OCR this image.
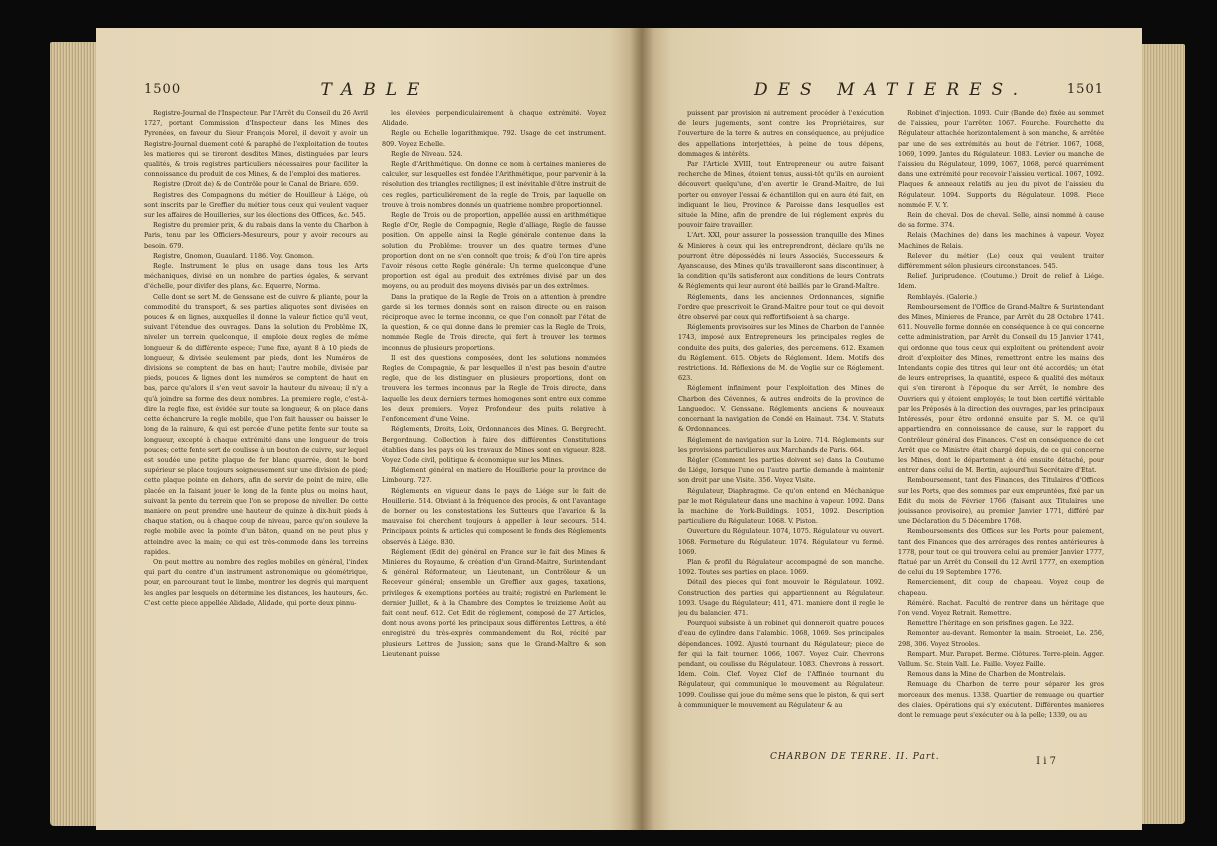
1500	TABLE

Registre-Journal de l'Inspecteur. Par l'Arrêt du Conseil du 26 Avril 1727, portant Commission d'Inspecteur dans les Mines des Pyrenées, en faveur du Sieur François Morel, il devoit y avoir un Registre-Journal duement coté & paraphé de l'exploitation de toutes les matieres qui se tireront desdites Mines, distinguées par leurs qualités, & trois registres particuliers nécessaires pour faciliter la connoissance du produit de ces Mines, & de l'emploi des matieres.

Registre (Droit de) & de Contrôle pour le Canal de Briare. 659.

Registres des Compagnons du métier de Houilleur à Liége, où sont inscrits par le Greffier du métier tous ceux qui veulent vaquer sur les affaires de Houilleries, sur les élections des Offices, &c. 545.

Registre du premier prix, & du rabais dans la vente du Charbon à Paris, tenu par les Officiers-Mesureurs, pour y avoir recours au besoin. 679.

Registre, Gnomon, Guaulard. 1186. Voy. Gnomon.

Regle. Instrument le plus en usage dans tous les Arts méchaniques, divisé en un nombre de parties égales, & servant d'échelle, pour divifer des plans, &c. Equerre, Norma.

Celle dont se sert M. de Genssane est de cuivre & pliante, pour la commodité du transport, & ses parties aliquotes sont divisées en pouces & en lignes, auxquelles il donne la valeur fictice qu'il veut, suivant l'étendue des ouvrages. Dans la solution du Problême IX, niveler un terrein quelconque, il emploie deux regles de même longueur & de différente espece; l'une fixe, ayant 8 à 10 pieds de longueur, & divisée seulement par pieds, dont les Numéros de divisions se comptent de bas en haut; l'autre mobile, divisée par pieds, pouces & lignes dont les numéros se comptent de haut en bas, parce qu'alors il s'en veut savoir la hauteur du niveau; il n'y a qu'à joindre sa forme des deux nombres. La premiere regle, c'est-à-dire la regle fixe, est évidée sur toute sa longueur, & on place dans cette échancrure la regle mobile, que l'on fait hausser ou baisser le long de la rainure, & qui est percée d'une petite fente sur toute sa longueur, excepté à chaque extrémité dans une longueur de trois pouces; cette fente sert de coulisse à un bouton de cuivre, sur lequel est soudée une petite plaque de fer blanc quarrée, dont le bord supérieur se place toujours soigneusement sur une division de pied; cette plaque pointe en dehors, afin de servir de point de mire, elle placée en la faisant jouer le long de la fente plus ou moins haut, suivant la pente du terrein que l'on se propose de niveller. De cette maniere on peut prendre une hauteur de quinze à dix-huit pieds à chaque station, ou à chaque coup de niveau, parce qu'on souleve la regle mobile avec la pointe d'un bâton, quand on ne peut plus y atteindre avec la main; ce qui est très-commode dans les terreins rapides.

On peut mettre au nombre des regles mobiles en général, l'index qui part du centre d'un instrument astronomique ou géométrique, pour, en parcourant tout le limbe, montrer les degrés qui marquent les angles par lesquels on détermine les distances, les hauteurs, &c. C'est cette piece appellée Alidade, Alidade, qui porte deux pinnu-

les élevées perpendiculairement à chaque extrémité. Voyez Alidade.

Regle ou Echelle logarithmique. 792. Usage de cet instrument. 809. Voyez Echelle.

Regle de Niveau. 524.

Regle d'Arithmétique. On donne ce nom à certaines manieres de calculer, sur lesquelles est fondée l'Arithmétique, pour parvenir à la résolution des triangles rectilignes; il est inévitable d'être instruit de ces regles, particuliérement de la regle de Trois, par laquelle on trouve à trois nombres donnés un quatrieme nombre proportionnel.

Regle de Trois ou de proportion, appellée aussi en arithmétique Regle d'Or, Regle de Compagnie, Regle d'alliage, Regle de fausse position. On appelle ainsi la Regle générale contenue dans la solution du Problême: trouver un des quatre termes d'une proportion dont on ne s'en connoît que trois; & d'où l'on tire après l'avoir résous cette Regle générale: Un terme quelconque d'une proportion est égal au produit des extrêmes divisé par un des moyens, ou au produit des moyens divisés par un des extrêmes.

Dans la pratique de la Regle de Trois on a attention à prendre garde si les termes donnés sont en raison directe ou en raison réciproque avec le terme inconnu, ce que l'on connoît par l'état de la question, & ce qui donne dans le premier cas la Regle de Trois, nommée Regle de Trois directe, qui fert à trouver les termes inconnus de plusieurs proportions.

Il est des questions composées, dont les solutions nommées Regles de Compagnie, & par lesquelles il n'est pas besoin d'autre regle, que de les distinguer en plusieurs proportions, dont on trouvera les termes inconnus par la Regle de Trois directe, dans laquelle les deux derniers termes homogenes sont entre eux comme les deux premiers. Voyez Profondeur des puits relative à l'enfoncement d'une Veine.

Réglements, Droits, Loix, Ordonnances des Mines. G. Bergrecht. Bergordnung. Collection à faire des différentes Constitutions établies dans les pays où les travaux de Mines sont en vigueur. 828. Voyez Code civil, politique & économique sur les Mines.

Réglement général en matiere de Houillerie pour la province de Limbourg. 727.

Réglements en vigueur dans le pays de Liége sur le fait de Houillerie. 514. Obviant à la fréquence des procès, & ont l'avantage de borner ou les constestations les Sutteurs que l'avarice & la mauvaise foi cherchent toujours à appeller à leur secours. 514. Principaux points & articles qui composent le fonds des Réglements observés à Liége. 830.

Réglement (Edit de) général en France sur le fait des Mines & Minieres du Royaume, & création d'un Grand-Maitre, Surintendant & général Réformateur, un Lieutenant, un Contrôleur & un Receveur général; ensemble un Greffier aux gages, taxations, privileges & exemptions portées au traité; registré en Parlement le dernier Juillet, & à la Chambre des Comptes le treizieme Août au fait cent neuf. 612. Cet Edit de réglement, composé de 27 Articles, dont nous avons porté les principaux sous différentes Lettres, a été enregistré du très-exprès commandement du Roi, récité par plusieurs Lettres de Jussion; sans que le Grand-Maître & son Lieutenant puisse

DES MATIERES.	1501

puissent par provision ni autrement procéder à l'exécution de leurs jugements, sont contre les Propriétaires, sur l'ouverture de la terre & autres en conséquence, au préjudice des appellations interjettées, à peine de tous dépens, dommages & intérêts.

Par l'Article XVIII, tout Entrepreneur ou autre faisant recherche de Mines, étoient tenus, aussi-tôt qu'ils en auroient découvert quelqu'une, d'en avertir le Grand-Maitre, de lui porter ou envoyer l'essai & échantillon qui en aura été fait, en indiquant le lieu, Province & Paroisse dans lesquelles est située la Mine, afin de prendre de lui réglement exprès du pouvoir faire travailler.

L'Art. XXI, pour assurer la possession tranquille des Mines & Minieres à ceux qui les entreprendront, déclare qu'ils ne pourront être dépossédés ni leurs Associés, Successeurs & Ayanscause, des Mines qu'ils travailleront sans discontinuer, à la condition qu'ils satisferont aux conditions de leurs Contrats & Réglements qui leur auront été baillés par le Grand-Maître.

Réglements, dans les anciennes Ordonnances, signifie l'ordre que prescrivoit le Grand-Maitre pour tout ce qui devoit être observé par ceux qui reffortifsoient à sa charge.

Réglements provisoires sur les Mines de Charbon de l'année 1743, imposé aux Entrepreneurs les principales regles de conduite des puits, des galeries, des percemens. 612. Examen du Réglement. 615. Objets de Réglement. Idem. Motifs des restrictions. Id. Réflexions de M. de Voglie sur ce Réglement. 623.

Réglement infiniment pour l'exploitation des Mines de Charbon des Cévennes, & autres endroits de la province de Languedoc. V. Genssane. Réglements anciens & nouveaux concernant la navigation de Condé en Hainaut. 734. V. Statuts & Ordonnances.

Réglement de navigation sur la Loire. 714. Réglements sur les provisions particulieres aux Marchands de Paris. 664.

Régler (Comment les parties doivent se) dans la Coutume de Liége, lorsque l'une ou l'autre partie demande à maintenir son droit par une Visite. 356. Voyez Visite.

Régulateur, Diaphragme. Ce qu'on entend en Méchanique par le mot Régulateur dans une machine à vapeur. 1092. Dans la machine de York-Buildings. 1051, 1092. Description particuliere du Régulateur. 1068. V. Piston.

Ouverture du Régulateur. 1074, 1075. Régulateur vu ouvert. 1068. Fermeture du Régulateur. 1074. Régulateur vu fermé. 1069.

Plan & profil du Régulateur accompagné de son manche. 1092. Toutes ses parties en place. 1069.

Détail des pieces qui font mouvoir le Régulateur. 1092. Construction des parties qui appartiennent au Régulateur. 1093. Usage du Régulateur; 411, 471. maniere dont il regle le jeu du balancier. 471.

Pourquoi subsiste à un robinet qui donneroit quatre pouces d'eau de cylindre dans l'alambic. 1068, 1069. Ses principales dépendances. 1092. Ajusté tournant du Régulateur; piece de fer qui la fait tourner. 1066, 1067. Voyez Cuir. Chevrons pendant, ou coulisse du Régulateur. 1083. Chevrons à ressort. Idem. Coin. Clef. Voyez Clef de l'Affinée tournant du Régulateur, qui communique le mouvement au Régulateur. 1099. Coulisse qui joue du même sens que le piston, & qui sert à communiquer le mouvement au Régulateur & au

Robinet d'injection. 1093. Cuir (Bande de) fixée au sommet de l'aissieu, pour l'arrêter. 1067. Fourche. Fourchette du Régulateur attachée horizontalement à son manche, & arrêtée par une de ses extrémités au bout de l'étrier. 1067, 1068, 1069, 1099. Jantes du Régulateur. 1083. Levier ou manche de l'aissieu du Régulateur, 1099, 1067, 1068, percé quarrément dans une extrémité pour recevoir l'aissieu vertical. 1067, 1092. Plaques & anneaux relatifs au jeu du pivot de l'aissieu du Régulateur. 1094. Supports du Régulateur. 1098. Piece nommée F. V. Y.

Rein de cheval. Dos de cheval. Selle, ainsi nommé à cause de sa forme. 374.

Relais (Machines de) dans les machines à vapeur. Voyez Machines de Relais.

Relever du métier (Le) ceux qui veulent traiter différemment sélon plusieurs circonstances. 545.

Relief. Juriprudence. (Coutume.) Droit de relief à Liége. Idem.

Remblayés. (Galerie.)

Remboursement de l'Office de Grand-Maître & Surintendant des Mines, Minieres de France, par Arrêt du 28 Octobre 1741. 611. Nouvelle forme donnée en conséquence à ce qui concerne cette administration, par Arrêt du Conseil du 15 Janvier 1741, qui ordonne que tous ceux qui exploitent ou prétendent avoir droit d'exploiter des Mines, remettront entre les mains des Intendants copie des titres qui leur ont été accordés; un état de leurs entreprises, la quantité, espece & qualité des métaux qui s'en tireront à l'époque du ser Arrêt, le nombre des Ouvriers qui y étoient employés; le tout bien certifié véritable par les Préposés à la direction des ouvrages, par les principaux Intéressés, pour être ordonné ensuite par S. M. ce qu'il appartiendra en connoissance de cause, sur le rapport du Contrôleur général des Finances. C'est en conséquence de cet Arrêt que ce Ministre était chargé depuis, de ce qui concerne les Mines, dont le département a été ensuite détaché, pour entrer dans celui de M. Bertin, aujourd'hui Secrétaire d'Etat.

Remboursement, tant des Finances, des Titulaires d'Offices sur les Ports, que des sommes par eux empruntées, fixé par un Edit du mois de Février 1766 (faisant aux Titulaires une jouissance provisoire), au premier Janvier 1771, différé par une Déclaration du 5 Décembre 1768.

Remboursements des Offices sur les Ports pour paiement, tant des Finances que des arrérages des rentes antérieures à 1778, pour tout ce qui trouvera celui au premier Janvier 1777, ftatué par un Arrêt du Conseil du 12 Avril 1777, en exemption de celui du 19 Septembre 1776.

Remerciement, dit coup de chapeau. Voyez coup de chapeau.

Réméré. Rachat. Faculté de rentrer dans un héritage que l'on vend. Voyez Retrait. Remettre.

Remettre l'héritage en son prisfines gagen. Le 322.

Remonter au-devant. Remonter la main. Stroeiet, Le. 256, 298, 306. Voyez Strooles.

Rempart. Mur. Parapet. Berme. Clôtures. Terre-plein. Agger. Vallum. Sc. Stein Vall. Le. Faille. Voyez Faille.

Remous dans la Mine de Charbon de Montrelais.

Remuage du Charbon de terre pour séparer les gros morceaux des menus. 1338. Quartier de remuage ou quartier des claies. Opérations qui s'y exécutent. Différentes manieres dont le remuage peut s'exécuter ou à la pelle; 1339, ou au

CHARBON DE TERRE. II. Part.	I i 7
